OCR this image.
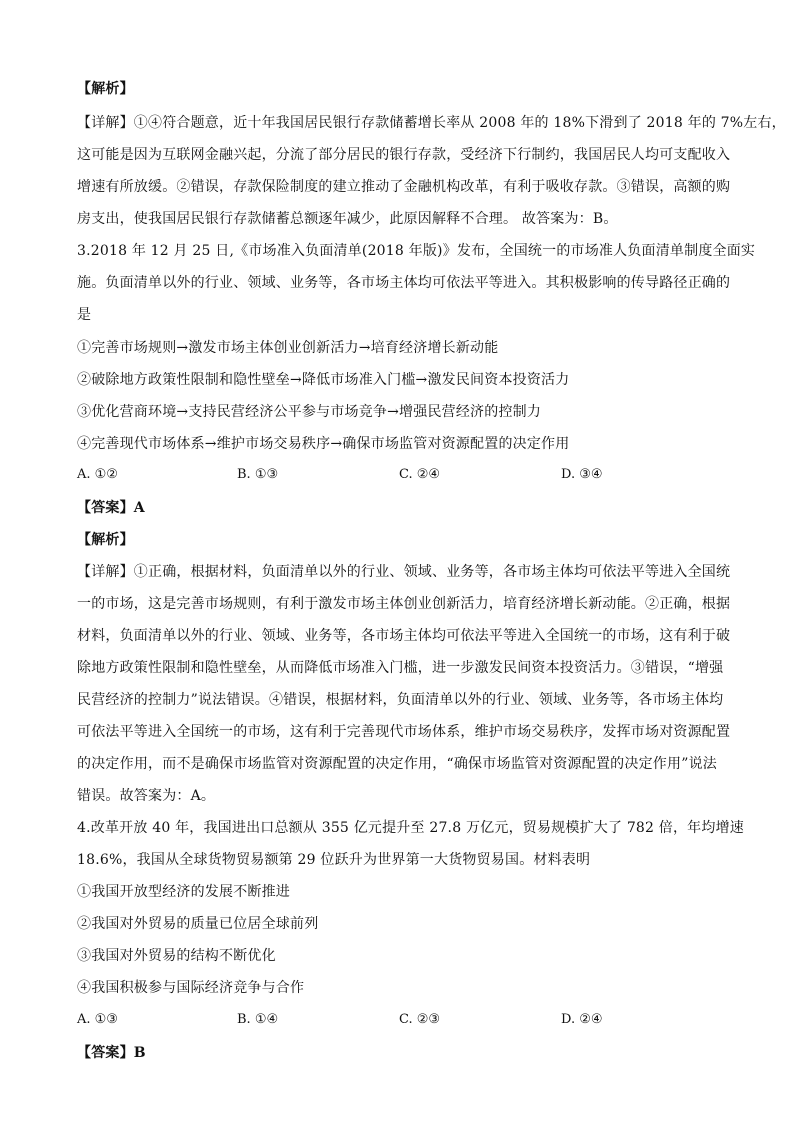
【解析】
【详解】①④符合题意，近十年我国居民银行存款储蓄增长率从 2008 年的 18%下滑到了 2018 年的 7%左右，
这可能是因为互联网金融兴起，分流了部分居民的银行存款，受经济下行制约，我国居民人均可支配收入
增速有所放缓。②错误，存款保险制度的建立推动了金融机构改革，有利于吸收存款。③错误，高额的购
房支出，使我国居民银行存款储蓄总额逐年减少，此原因解释不合理。 故答案为：B。
3.2018 年 12 月 25 日,《市场准入负面清单(2018 年版)》发布，全国统一的市场准人负面清单制度全面实
施。负面清单以外的行业、领域、业务等，各市场主体均可依法平等进入。其积极影响的传导路径正确的
是
①完善市场规则→激发市场主体创业创新活力→培育经济增长新动能
②破除地方政策性限制和隐性壁垒→降低市场准入门槛→激发民间资本投资活力
③优化营商环境→支持民营经济公平参与市场竞争→增强民营经济的控制力
④完善现代市场体系→维护市场交易秩序→确保市场监管对资源配置的决定作用
A. ①②	B. ①③	C. ②④	D. ③④
【答案】A
【解析】
【详解】①正确，根据材料，负面清单以外的行业、领域、业务等，各市场主体均可依法平等进入全国统
一的市场，这是完善市场规则，有利于激发市场主体创业创新活力，培育经济增长新动能。②正确，根据
材料，负面清单以外的行业、领域、业务等，各市场主体均可依法平等进入全国统一的市场，这有利于破
除地方政策性限制和隐性壁垒，从而降低市场准入门槛，进一步激发民间资本投资活力。③错误，“增强
民营经济的控制力”说法错误。④错误，根据材料，负面清单以外的行业、领域、业务等，各市场主体均
可依法平等进入全国统一的市场，这有利于完善现代市场体系，维护市场交易秩序，发挥市场对资源配置
的决定作用，而不是确保市场监管对资源配置的决定作用，“确保市场监管对资源配置的决定作用”说法
错误。故答案为：A。
4.改革开放 40 年，我国进出口总额从 355 亿元提升至 27.8 万亿元，贸易规模扩大了 782 倍，年均增速
18.6%，我国从全球货物贸易额第 29 位跃升为世界第一大货物贸易国。材料表明
①我国开放型经济的发展不断推进
②我国对外贸易的质量已位居全球前列
③我国对外贸易的结构不断优化
④我国积极参与国际经济竞争与合作
A. ①③	B. ①④	C. ②③	D. ②④
【答案】B
